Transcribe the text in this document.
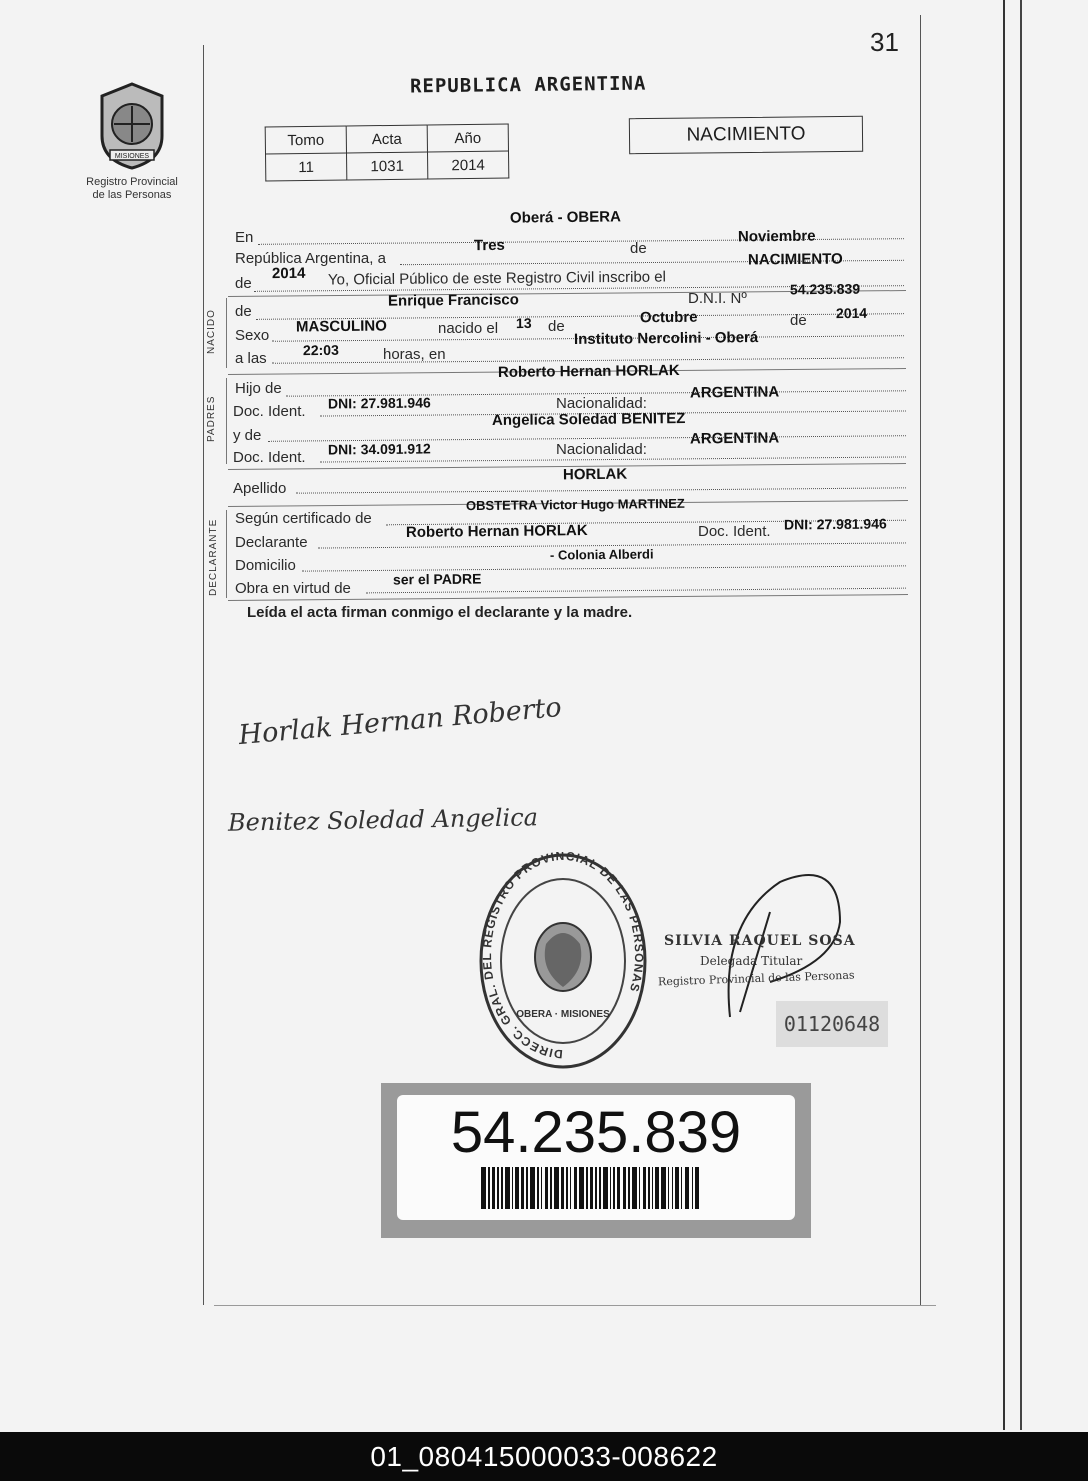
31
MISIONES
Registro Provincial
de las Personas
REPUBLICA ARGENTINA
Tomo	Acta	Año
11	1031	2014
NACIMIENTO
En
Oberá - OBERA
República Argentina, a
Tres	de
Noviembre
de
2014 Yo, Oficial Público de este Registro Civil inscribo el
NACIMIENTO
NACIDO de
Enrique Francisco	D.N.I. Nº
54.235.839
Sexo
MASCULINO	nacido el 13 de
Octubre	de 2014
a las	22:03	horas, en
Instituto Nercolini - Oberá
PADRES
Hijo de
Roberto Hernan HORLAK
Doc. Ident. DNI: 27.981.946	Nacionalidad:
ARGENTINA
y de
Angelica Soledad BENITEZ
Doc. Ident. DNI: 34.091.912	Nacionalidad:
ARGENTINA
Apellido
HORLAK
DECLARANTE
Según certificado de
OBSTETRA Victor Hugo MARTINEZ
Declarante
Roberto Hernan HORLAK	Doc. Ident. DNI: 27.981.946
Domicilio
- Colonia Alberdi
Obra en virtud de
ser el PADRE
Leída el acta firman conmigo el declarante y la madre.
Horlak Hernan Roberto
Benitez Soledad Angelica
DIRECC. GRAL. DEL REGISTRO PROVINCIAL DE LAS PERSONAS
OBERA · MISIONES
SILVIA RAQUEL SOSA
Delegada Titular
Registro Provincial de las Personas
01120648
54.235.839
01_080415000033-008622
